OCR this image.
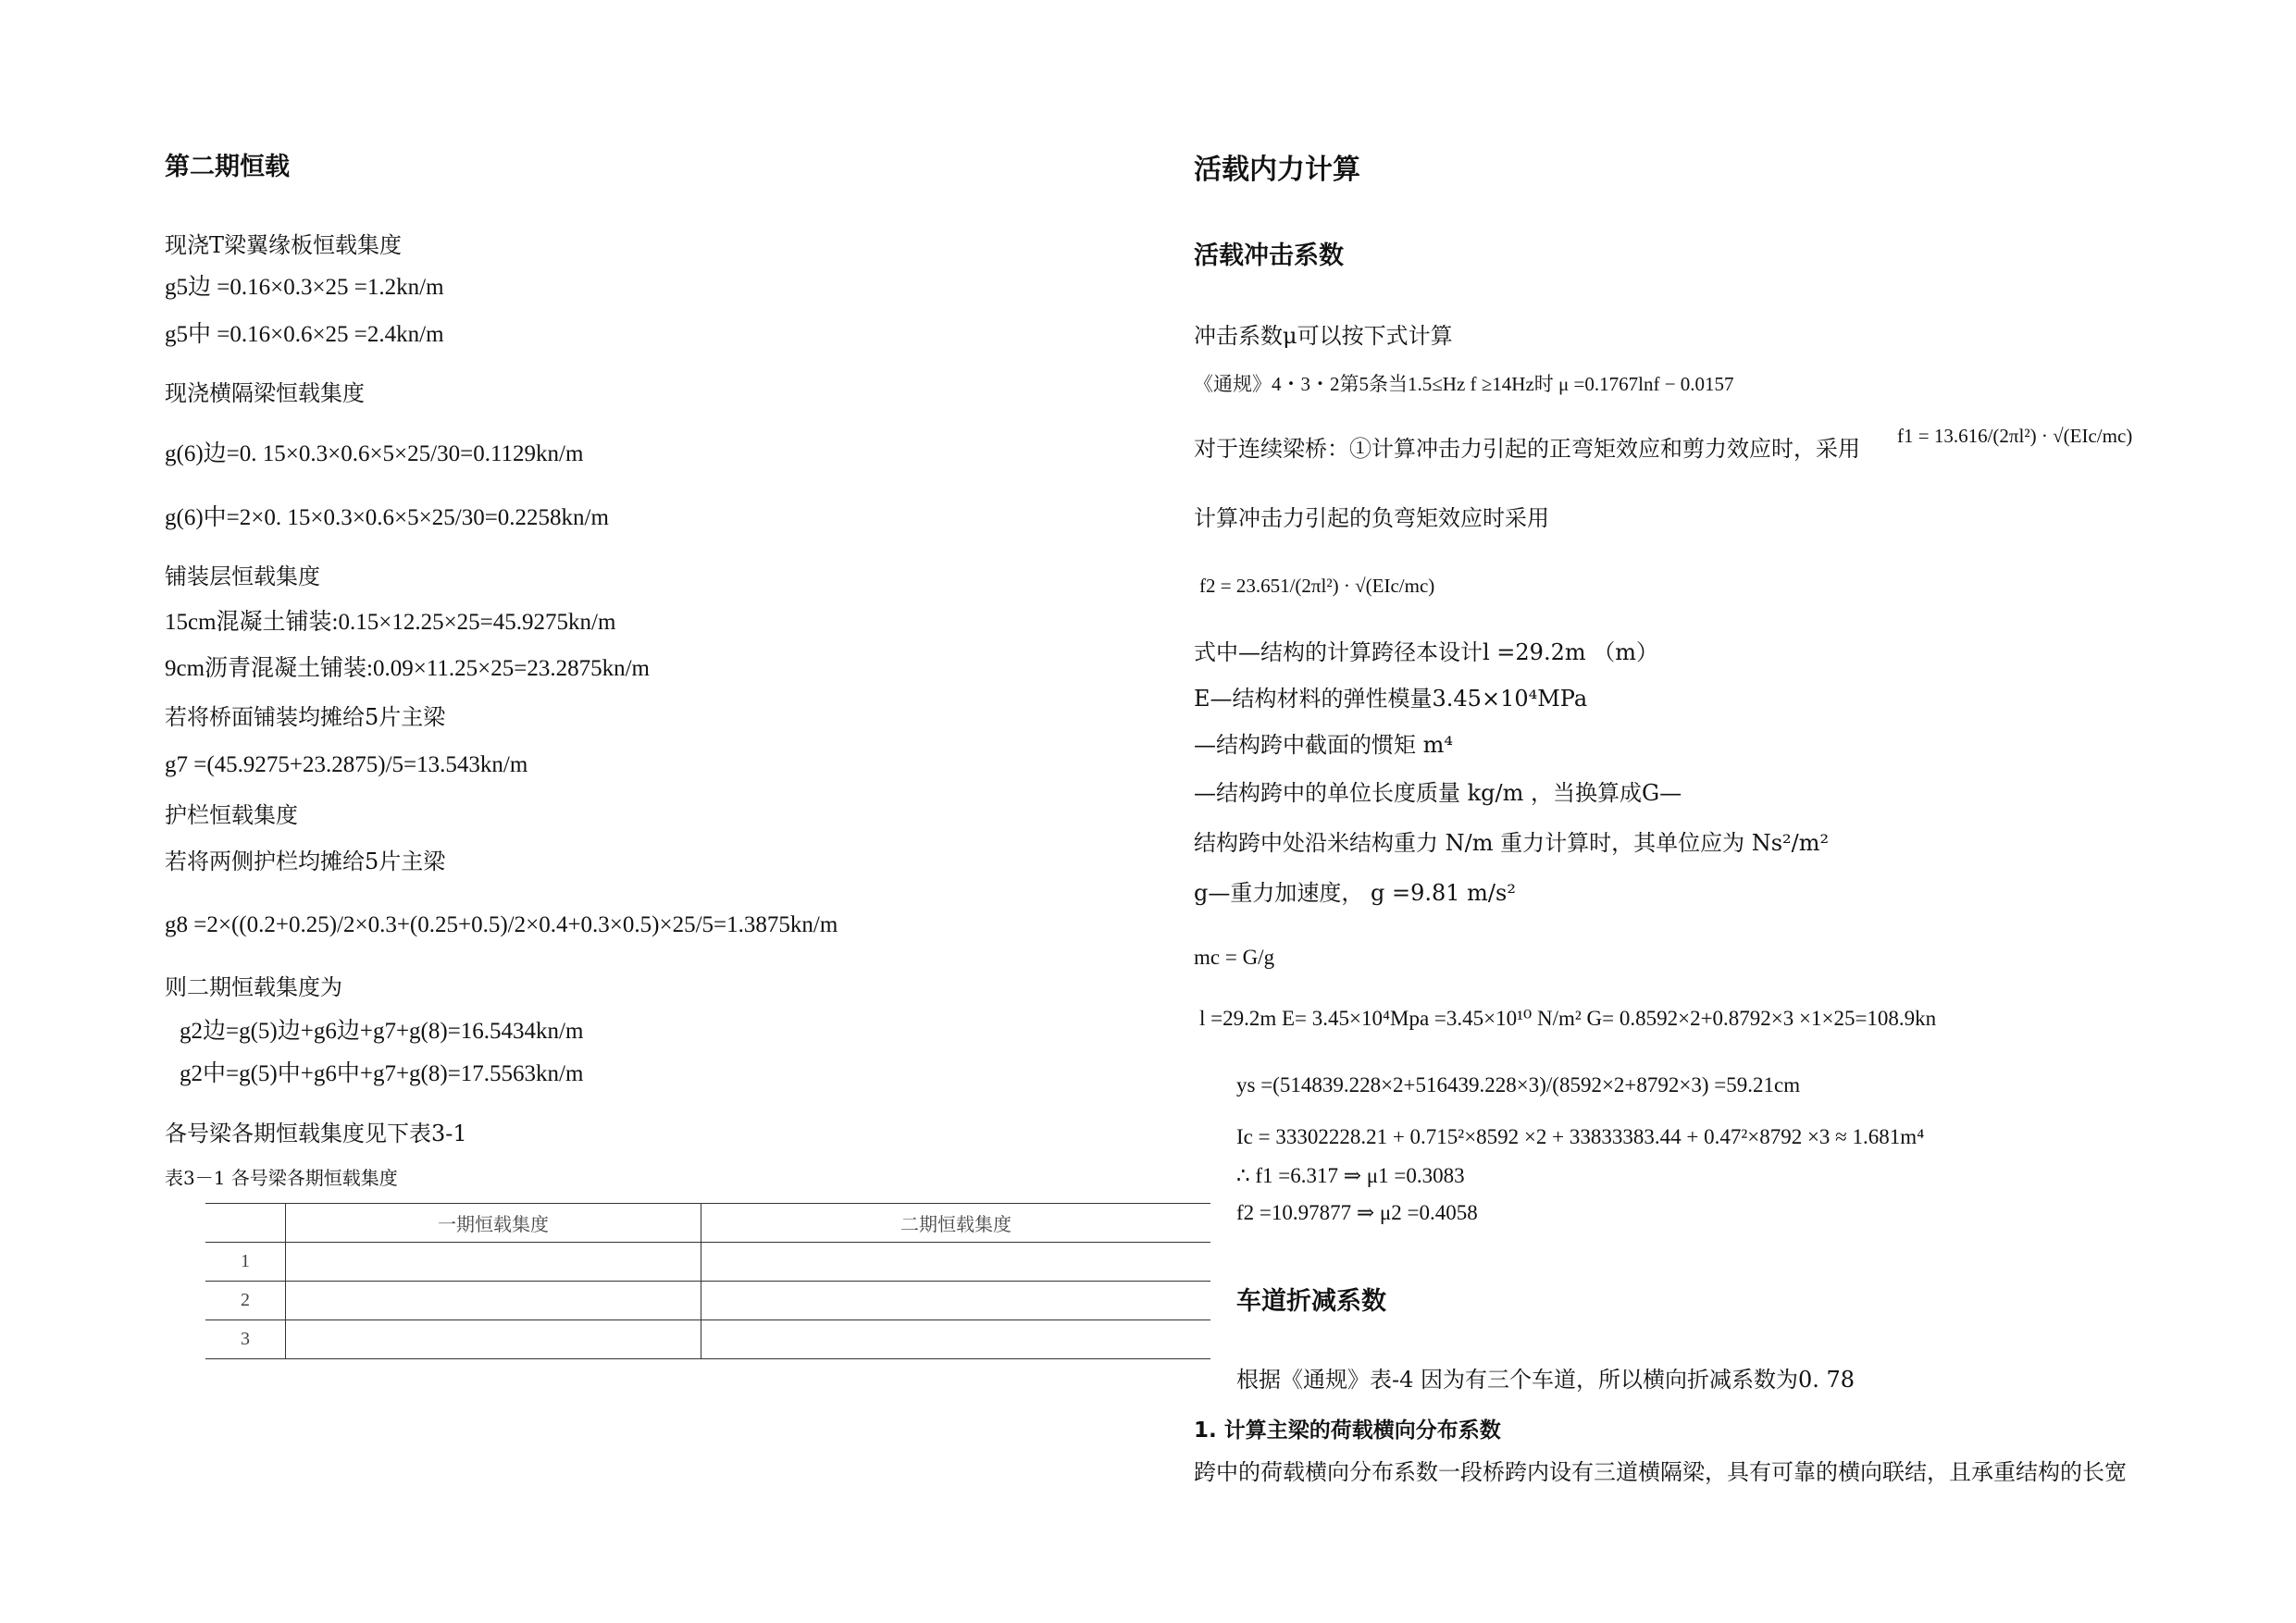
第二期恒载
现浇T梁翼缘板恒载集度
g5边 =0.16×0.3×25 =1.2kn/m
g5中 =0.16×0.6×25 =2.4kn/m
现浇横隔梁恒载集度
g(6)边=0. 15×0.3×0.6×5×25/30=0.1129kn/m
g(6)中=2×0. 15×0.3×0.6×5×25/30=0.2258kn/m
铺装层恒载集度
15cm混凝土铺装:0.15×12.25×25=45.9275kn/m
9cm沥青混凝土铺装:0.09×11.25×25=23.2875kn/m
若将桥面铺装均摊给5片主梁
g7 =(45.9275+23.2875)/5=13.543kn/m
护栏恒载集度
若将两侧护栏均摊给5片主梁
g8 =2×((0.2+0.25)/2×0.3+(0.25+0.5)/2×0.4+0.3×0.5)×25/5=1.3875kn/m
则二期恒载集度为
g2边=g(5)边+g6边+g7+g(8)=16.5434kn/m
g2中=g(5)中+g6中+g7+g(8)=17.5563kn/m
各号梁各期恒载集度见下表3-1
表3－1 各号梁各期恒载集度
	一期恒载集度	二期恒载集度
1		
2		
3		
活载内力计算
活载冲击系数
冲击系数μ可以按下式计算
《通规》4・3・2第5条当1.5≤Hz f ≥14Hz时 μ =0.1767lnf − 0.0157
对于连续梁桥：①计算冲击力引起的正弯矩效应和剪力效应时，采用 f1 = 13.616/(2πl²) · √(EIc/mc)
计算冲击力引起的负弯矩效应时采用
f2 = 23.651/(2πl²) · √(EIc/mc)
式中—结构的计算跨径本设计l =29.2m （m）
E—结构材料的弹性模量3.45×10⁴MPa
—结构跨中截面的惯矩 m⁴
—结构跨中的单位长度质量 kg/m ，当换算成G—
结构跨中处沿米结构重力 N/m 重力计算时，其单位应为 Ns²/m²
g—重力加速度， g =9.81 m/s²
mc = G/g
l =29.2m E= 3.45×10⁴Mpa =3.45×10¹⁰ N/m² G= 0.8592×2+0.8792×3 ×1×25=108.9kn
ys =(514839.228×2+516439.228×3)/(8592×2+8792×3) =59.21cm
Ic = 33302228.21 + 0.715²×8592 ×2 + 33833383.44 + 0.47²×8792 ×3 ≈ 1.681m⁴
∴ f1 =6.317 ⇒ μ1 =0.3083
f2 =10.97877 ⇒ μ2 =0.4058
车道折减系数
根据《通规》表-4 因为有三个车道，所以横向折减系数为0. 78
1. 计算主梁的荷载横向分布系数
跨中的荷载横向分布系数一段桥跨内设有三道横隔梁，具有可靠的横向联结，且承重结构的长宽
